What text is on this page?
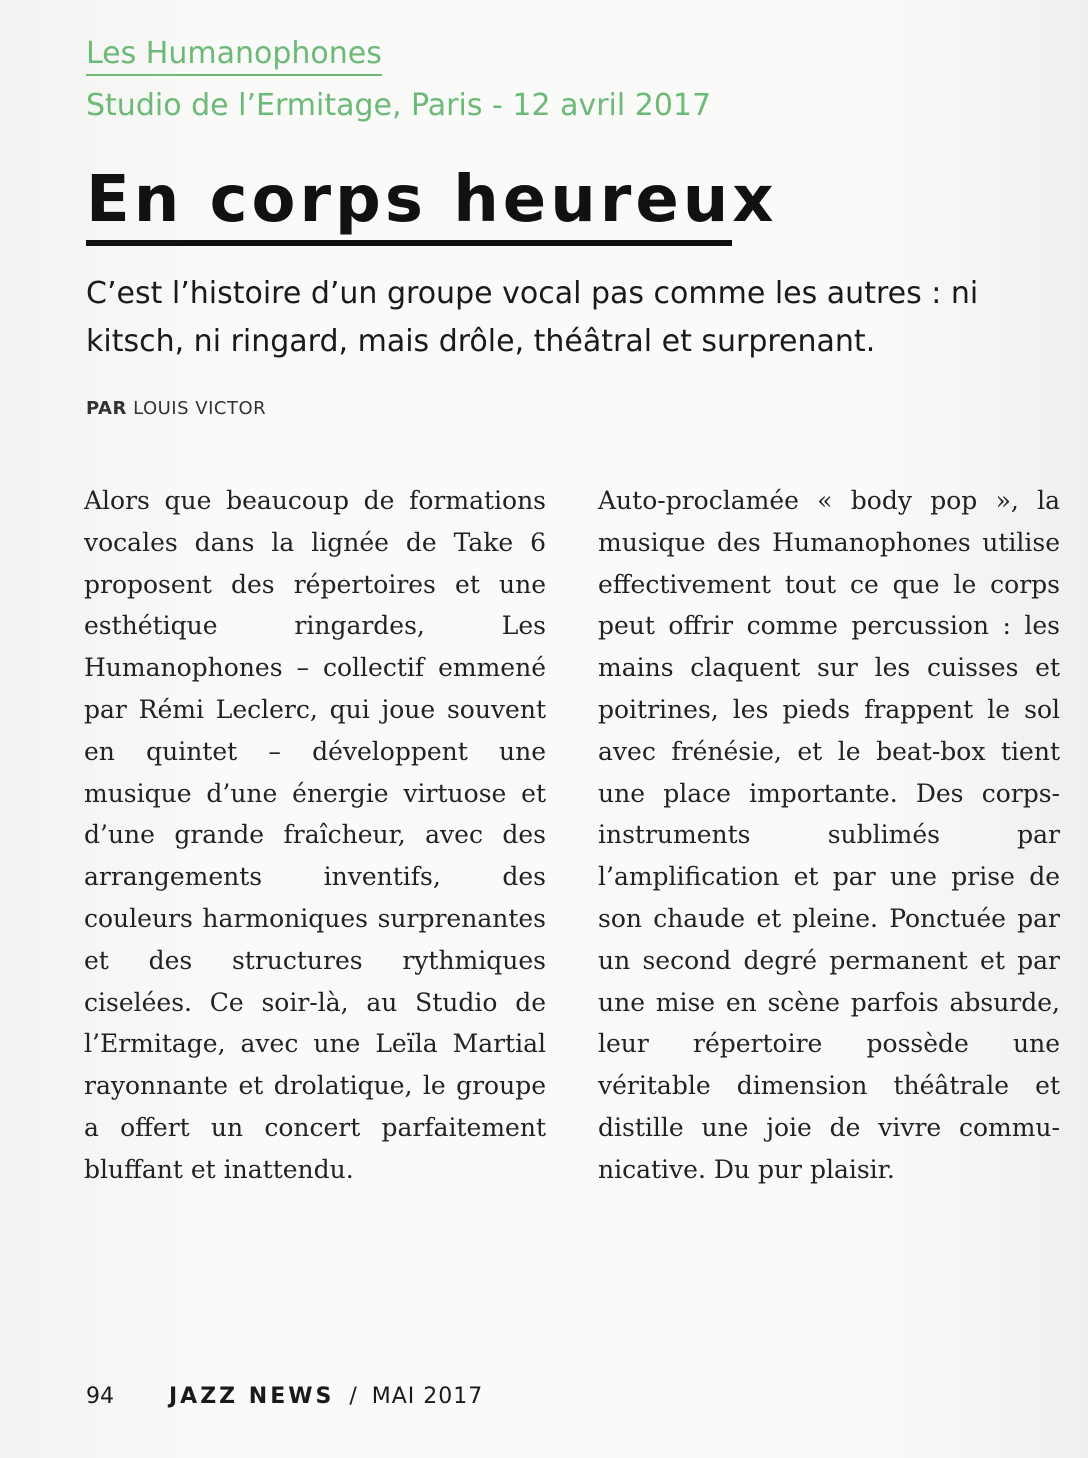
Les Humanophones
Studio de l’Ermitage, Paris - 12 avril 2017
En corps heureux
C’est l’histoire d’un groupe vocal pas comme les autres : ni kitsch, ni ringard, mais drôle, théâtral et surprenant.
PAR LOUIS VICTOR
Alors que beaucoup de formations vocales dans la lignée de Take 6 proposent des répertoires et une esthétique ringardes, Les Humanophones – collectif emmené par Rémi Leclerc, qui joue souvent en quintet – développent une musique d’une énergie virtuose et d’une grande fraîcheur, avec des arrangements inventifs, des couleurs harmoniques surprenantes et des structures rythmiques ciselées. Ce soir-là, au Studio de l’Ermitage, avec une Leïla Martial rayonnante et drolatique, le groupe a offert un concert parfaitement bluffant et inattendu.
Auto-proclamée « body pop », la musique des Humanophones utilise effectivement tout ce que le corps peut offrir comme percussion : les mains claquent sur les cuisses et poitrines, les pieds frappent le sol avec frénésie, et le beat-box tient une place importante. Des corps-instruments sublimés par l’amplification et par une prise de son chaude et pleine. Ponctuée par un second degré permanent et par une mise en scène parfois absurde, leur répertoire possède une véritable dimension théâtrale et distille une joie de vivre communicative. Du pur plaisir.
94	JAZZ NEWS / MAI 2017
